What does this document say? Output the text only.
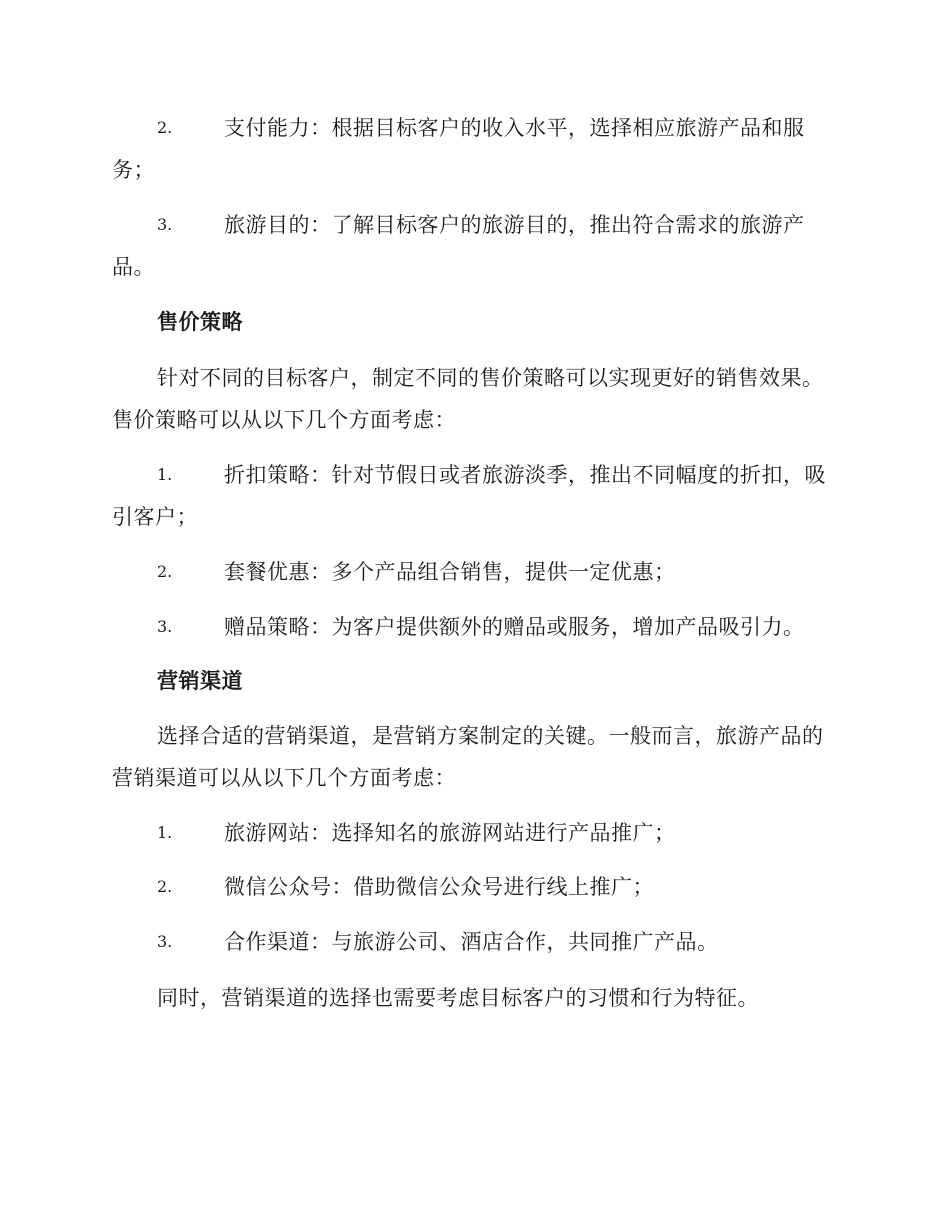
2. 支付能力：根据目标客户的收入水平，选择相应旅游产品和服
务；
3. 旅游目的：了解目标客户的旅游目的，推出符合需求的旅游产
品。
售价策略
针对不同的目标客户，制定不同的售价策略可以实现更好的销售效果。
售价策略可以从以下几个方面考虑：
1. 折扣策略：针对节假日或者旅游淡季，推出不同幅度的折扣，吸
引客户；
2. 套餐优惠：多个产品组合销售，提供一定优惠；
3. 赠品策略：为客户提供额外的赠品或服务，增加产品吸引力。
营销渠道
选择合适的营销渠道，是营销方案制定的关键。一般而言，旅游产品的
营销渠道可以从以下几个方面考虑：
1. 旅游网站：选择知名的旅游网站进行产品推广；
2. 微信公众号：借助微信公众号进行线上推广；
3. 合作渠道：与旅游公司、酒店合作，共同推广产品。
同时，营销渠道的选择也需要考虑目标客户的习惯和行为特征。
